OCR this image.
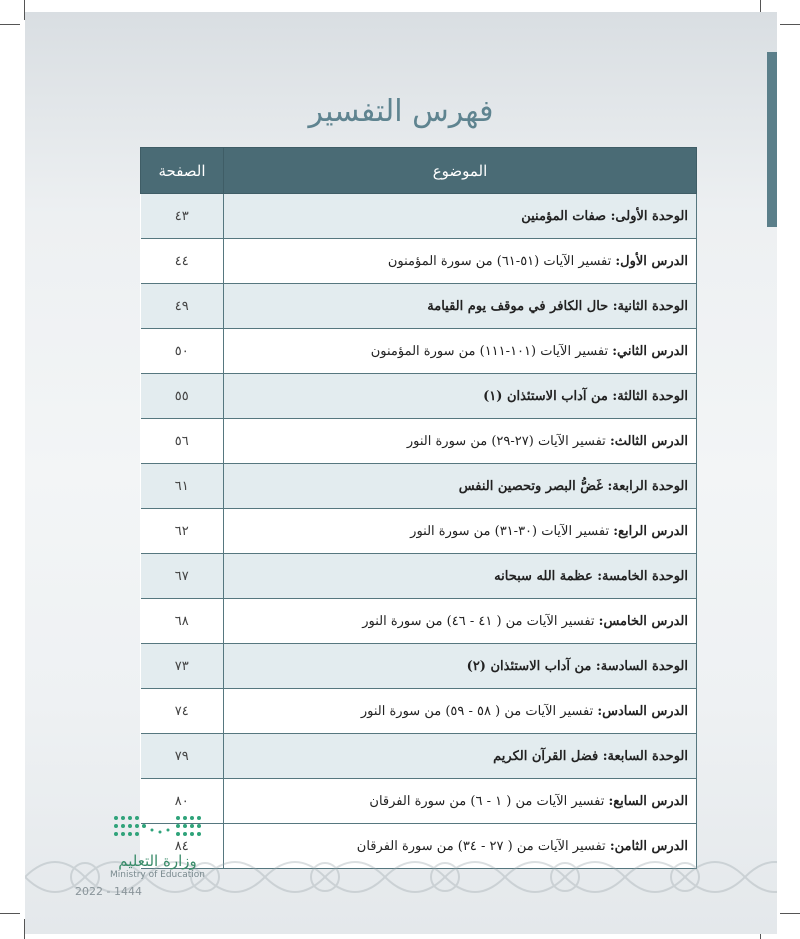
فهرس التفسير
الموضوع	الصفحة
الوحدة الأولى: صفات المؤمنين	٤٣
الدرس الأول: تفسير الآيات (٥١-٦١) من سورة المؤمنون	٤٤
الوحدة الثانية: حال الكافر في موقف يوم القيامة	٤٩
الدرس الثاني: تفسير الآيات (١٠١-١١١) من سورة المؤمنون	٥٠
الوحدة الثالثة: من آداب الاستئذان (١)	٥٥
الدرس الثالث: تفسير الآيات (٢٧-٢٩) من سورة النور	٥٦
الوحدة الرابعة: غَضُّ البصر وتحصين النفس	٦١
الدرس الرابع: تفسير الآيات (٣٠-٣١) من سورة النور	٦٢
الوحدة الخامسة: عظمة الله سبحانه	٦٧
الدرس الخامس: تفسير الآيات من ( ٤١ - ٤٦) من سورة النور	٦٨
الوحدة السادسة: من آداب الاستئذان (٢)	٧٣
الدرس السادس: تفسير الآيات من ( ٥٨ - ٥٩) من سورة النور	٧٤
الوحدة السابعة: فضل القرآن الكريم	٧٩
الدرس السابع: تفسير الآيات من ( ١ - ٦) من سورة الفرقان	٨٠
الدرس الثامن: تفسير الآيات من ( ٢٧ - ٣٤) من سورة الفرقان	٨٤
وزارة التعليم
Ministry of Education
2022 - 1444
